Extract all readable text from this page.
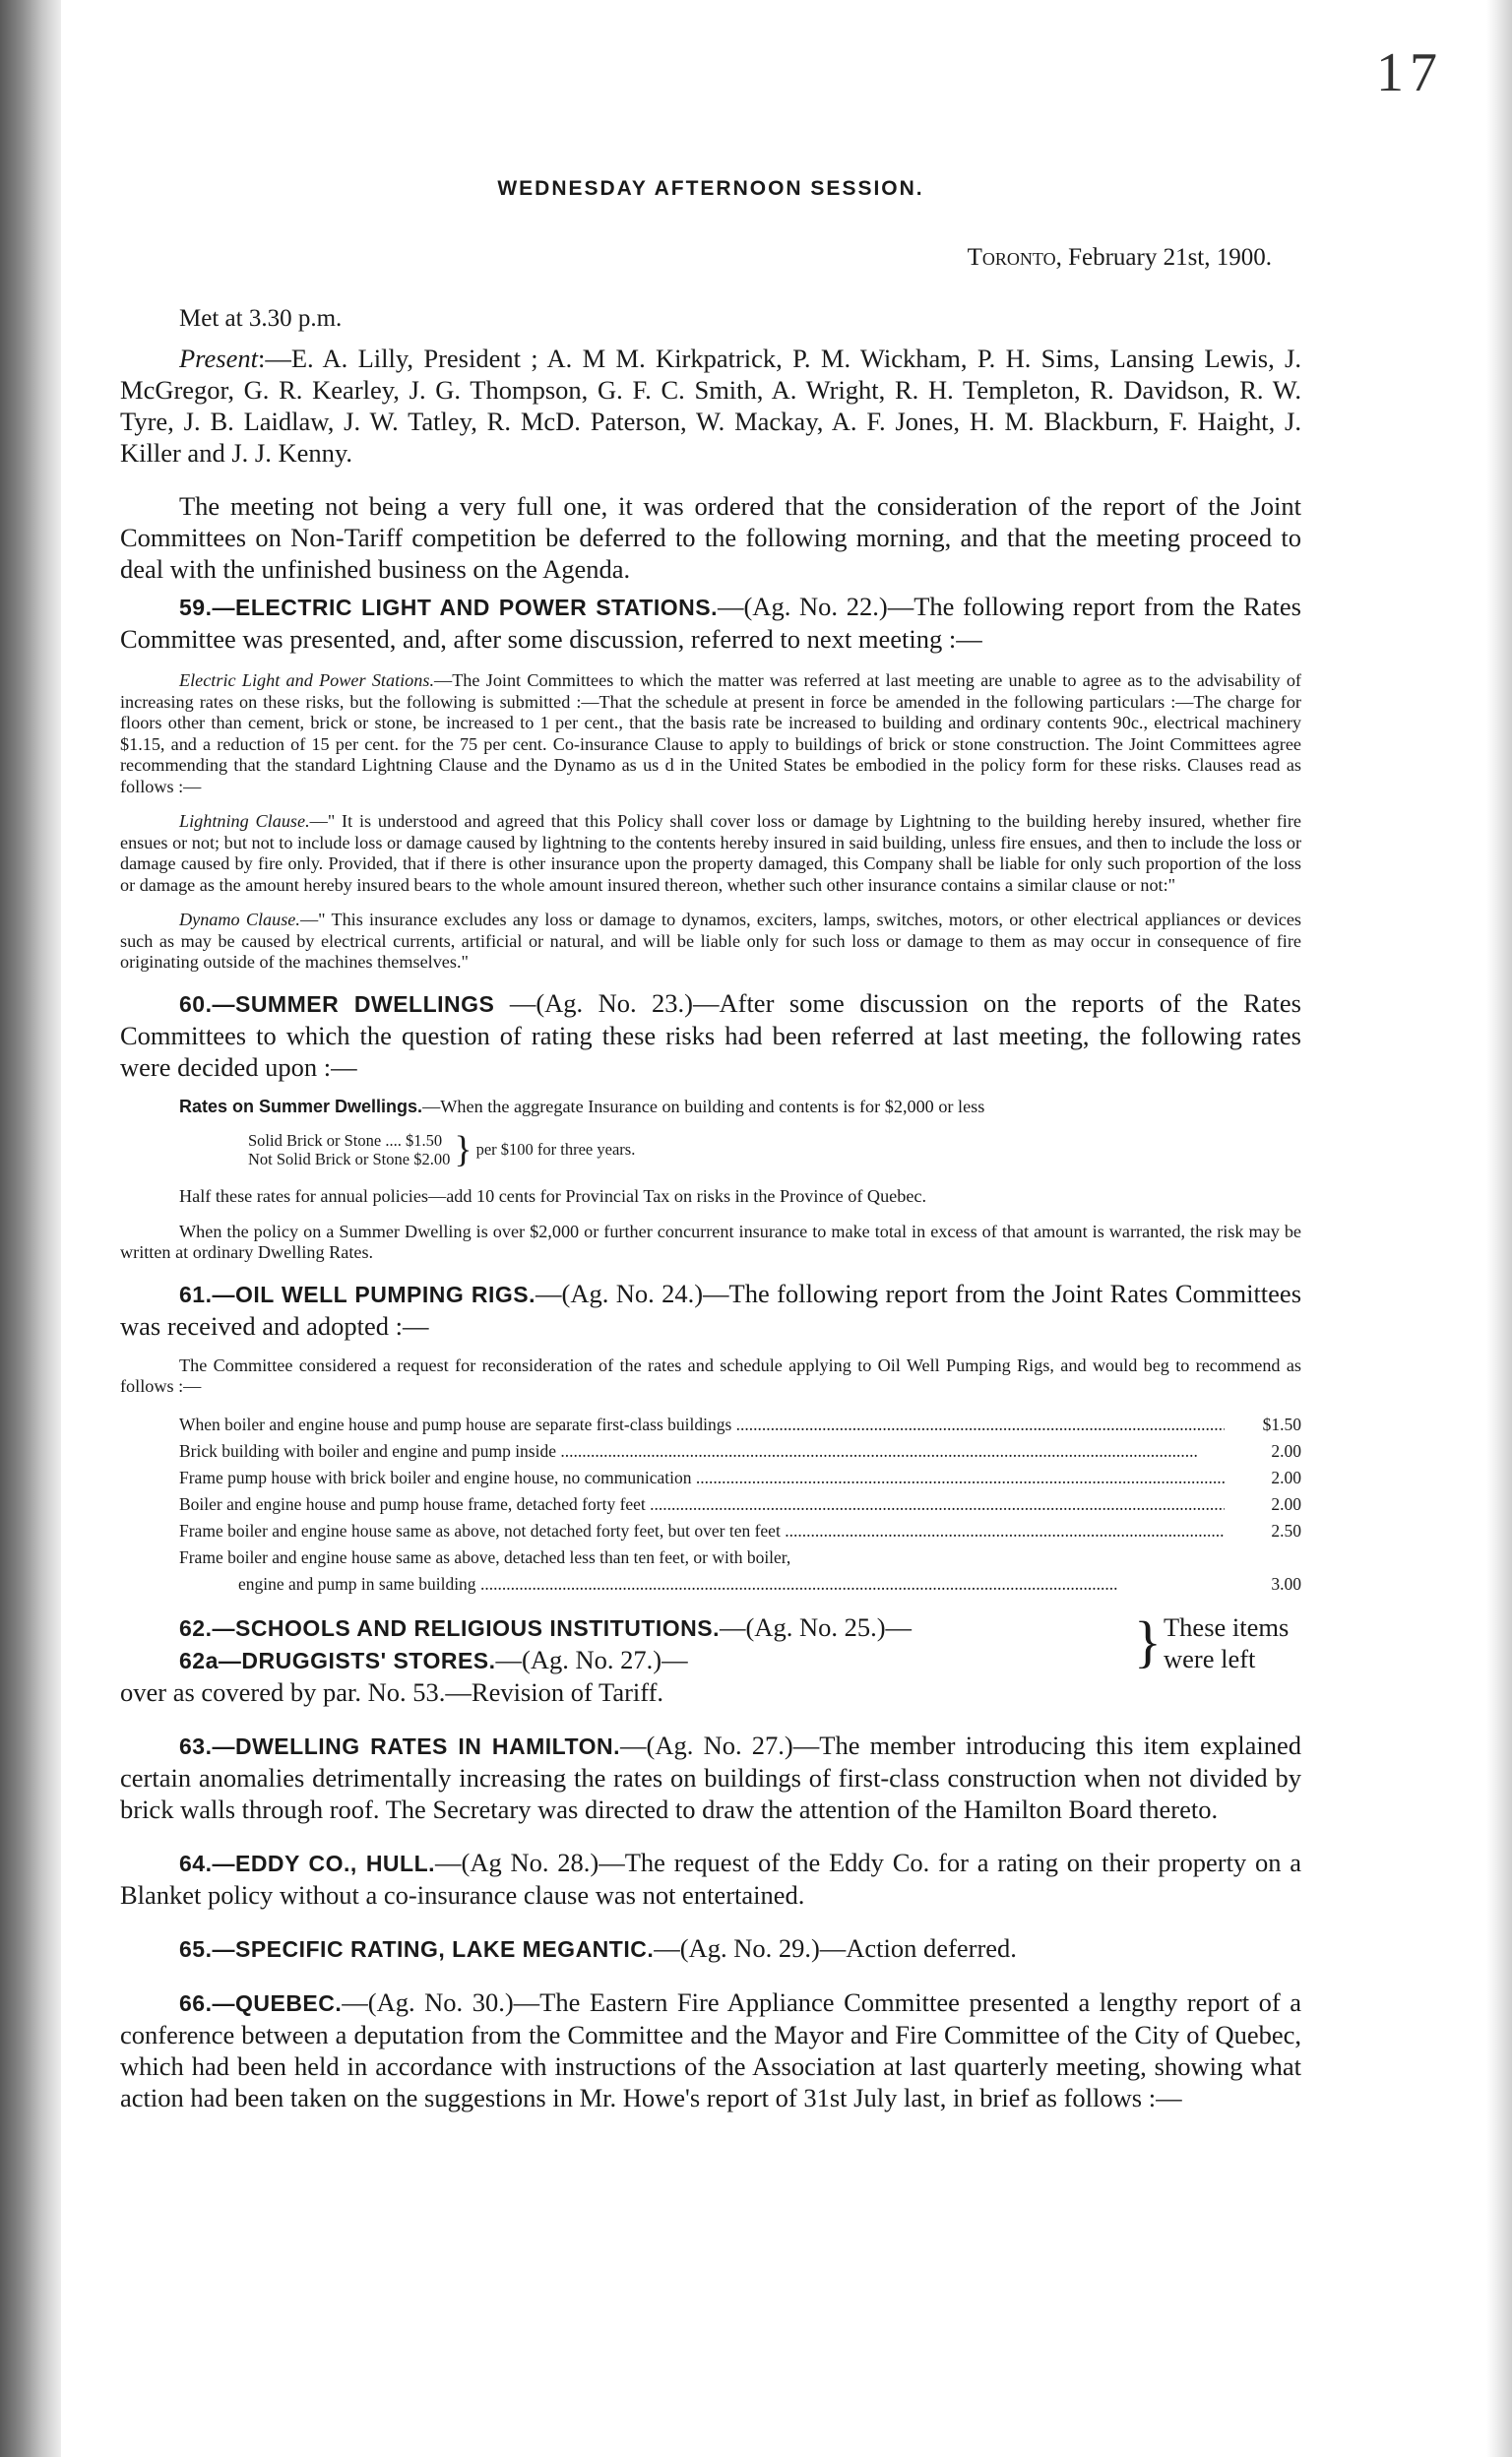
17
WEDNESDAY AFTERNOON SESSION.
Toronto, February 21st, 1900.

Met at 3.30 p.m.

Present:—E. A. Lilly, President ; A. M M. Kirkpatrick, P. M. Wickham, P. H. Sims, Lansing Lewis, J. McGregor, G. R. Kearley, J. G. Thompson, G. F. C. Smith, A. Wright, R. H. Templeton, R. Davidson, R. W. Tyre, J. B. Laidlaw, J. W. Tatley, R. McD. Paterson, W. Mackay, A. F. Jones, H. M. Blackburn, F. Haight, J. Killer and J. J. Kenny.

The meeting not being a very full one, it was ordered that the consideration of the report of the Joint Committees on Non-Tariff competition be deferred to the following morning, and that the meeting proceed to deal with the unfinished business on the Agenda.

59.—ELECTRIC LIGHT AND POWER STATIONS.—(Ag. No. 22.)—The following report from the Rates Committee was presented, and, after some discussion, referred to next meeting :—

Electric Light and Power Stations.—The Joint Committees to which the matter was referred at last meeting are unable to agree as to the advisability of increasing rates on these risks, but the following is submitted :—That the schedule at present in force be amended in the following particulars :—The charge for floors other than cement, brick or stone, be increased to 1 per cent., that the basis rate be increased to building and ordinary contents 90c., electrical machinery $1.15, and a reduction of 15 per cent. for the 75 per cent. Co-insurance Clause to apply to buildings of brick or stone construction. The Joint Committees agree recommending that the standard Lightning Clause and the Dynamo as us d in the United States be embodied in the policy form for these risks. Clauses read as follows :—

Lightning Clause.—" It is understood and agreed that this Policy shall cover loss or damage by Lightning to the building hereby insured, whether fire ensues or not; but not to include loss or damage caused by lightning to the contents hereby insured in said building, unless fire ensues, and then to include the loss or damage caused by fire only. Provided, that if there is other insurance upon the property damaged, this Company shall be liable for only such proportion of the loss or damage as the amount hereby insured bears to the whole amount insured thereon, whether such other insurance contains a similar clause or not:"

Dynamo Clause.—" This insurance excludes any loss or damage to dynamos, exciters, lamps, switches, motors, or other electrical appliances or devices such as may be caused by electrical currents, artificial or natural, and will be liable only for such loss or damage to them as may occur in consequence of fire originating outside of the machines themselves."

60.—SUMMER DWELLINGS —(Ag. No. 23.)—After some discussion on the reports of the Rates Committees to which the question of rating these risks had been referred at last meeting, the following rates were decided upon :—

Rates on Summer Dwellings.—When the aggregate Insurance on building and contents is for $2,000 or less

Solid Brick or Stone .... $1.50
Not Solid Brick or Stone $2.00 } per $100 for three years.

Half these rates for annual policies—add 10 cents for Provincial Tax on risks in the Province of Quebec.

When the policy on a Summer Dwelling is over $2,000 or further concurrent insurance to make total in excess of that amount is warranted, the risk may be written at ordinary Dwelling Rates.

61.—OIL WELL PUMPING RIGS.—(Ag. No. 24.)—The following report from the Joint Rates Committees was received and adopted :—

The Committee considered a request for reconsideration of the rates and schedule applying to Oil Well Pumping Rigs, and would beg to recommend as follows :—

When boiler and engine house and pump house are separate first-class buildings .....	$1.50
Brick building with boiler and engine and pump inside .....	2.00
Frame pump house with brick boiler and engine house, no communication .....	2.00
Boiler and engine house and pump house frame, detached forty feet .....	2.00
Frame boiler and engine house same as above, not detached forty feet, but over ten feet .....	2.50
Frame boiler and engine house same as above, detached less than ten feet, or with boiler,
engine and pump in same building .....	3.00
62.—SCHOOLS AND RELIGIOUS INSTITUTIONS.—(Ag. No. 25.)—
62a—DRUGGISTS' STORES.—(Ag. No. 27.)—	} These items
were left

over as covered by par. No. 53.—Revision of Tariff.

63.—DWELLING RATES IN HAMILTON.—(Ag. No. 27.)—The member introducing this item explained certain anomalies detrimentally increasing the rates on buildings of first-class construction when not divided by brick walls through roof. The Secretary was directed to draw the attention of the Hamilton Board thereto.

64.—EDDY CO., HULL.—(Ag No. 28.)—The request of the Eddy Co. for a rating on their property on a Blanket policy without a co-insurance clause was not entertained.

65.—SPECIFIC RATING, LAKE MEGANTIC.—(Ag. No. 29.)—Action deferred.

66.—QUEBEC.—(Ag. No. 30.)—The Eastern Fire Appliance Committee presented a lengthy report of a conference between a deputation from the Committee and the Mayor and Fire Committee of the City of Quebec, which had been held in accordance with instructions of the Association at last quarterly meeting, showing what action had been taken on the suggestions in Mr. Howe's report of 31st July last, in brief as follows :—
